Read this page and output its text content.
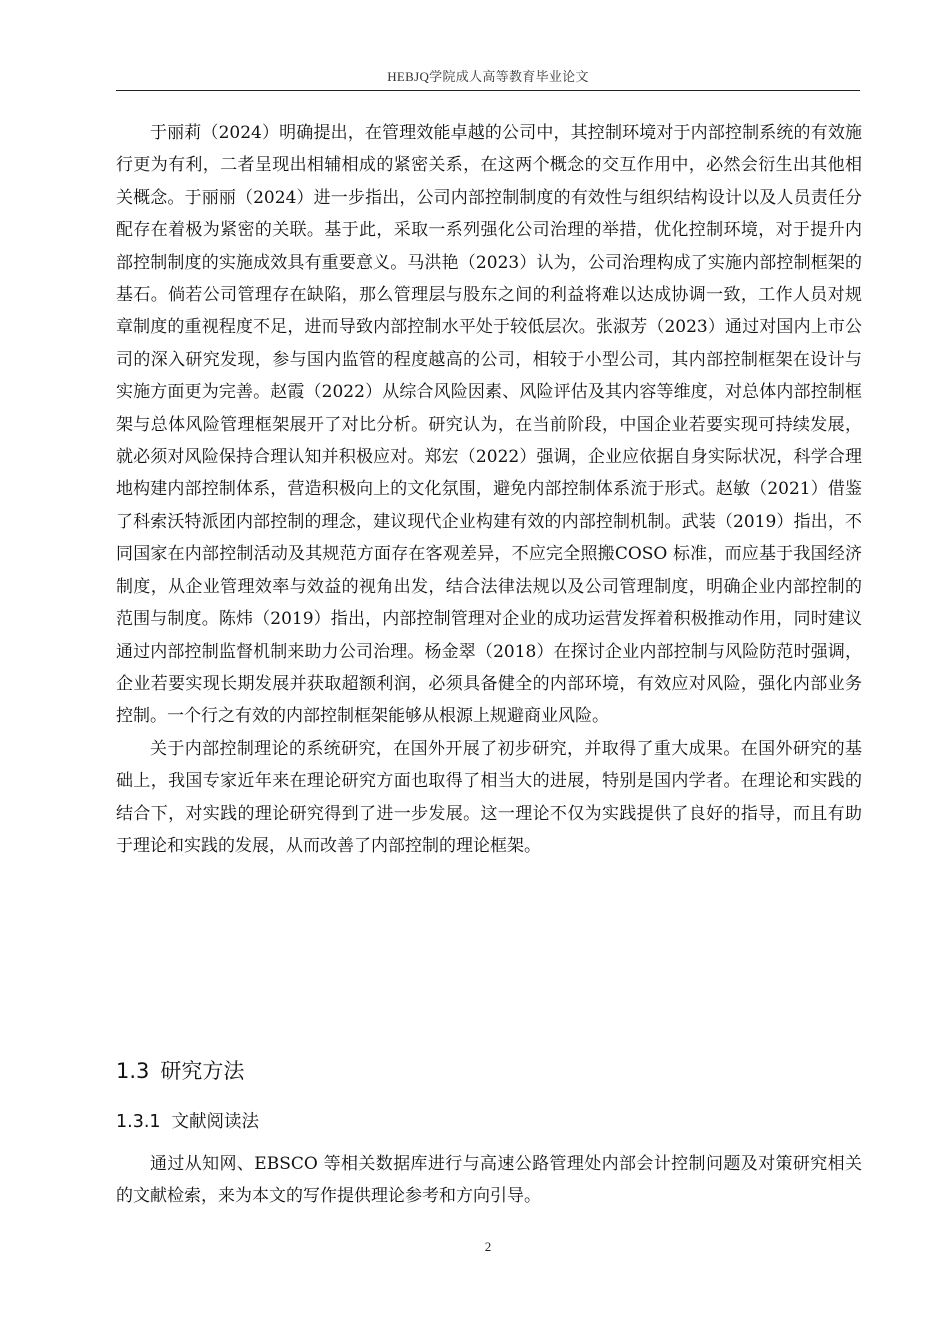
HEBJQ学院成人高等教育毕业论文

于丽莉（2024）明确提出，在管理效能卓越的公司中，其控制环境对于内部控制系统的有效施行更为有利，二者呈现出相辅相成的紧密关系，在这两个概念的交互作用中，必然会衍生出其他相关概念。于丽丽（2024）进一步指出，公司内部控制制度的有效性与组织结构设计以及人员责任分配存在着极为紧密的关联。基于此，采取一系列强化公司治理的举措，优化控制环境，对于提升内部控制制度的实施成效具有重要意义。马洪艳（2023）认为，公司治理构成了实施内部控制框架的基石。倘若公司管理存在缺陷，那么管理层与股东之间的利益将难以达成协调一致，工作人员对规章制度的重视程度不足，进而导致内部控制水平处于较低层次。张淑芳（2023）通过对国内上市公司的深入研究发现，参与国内监管的程度越高的公司，相较于小型公司，其内部控制框架在设计与实施方面更为完善。赵霞（2022）从综合风险因素、风险评估及其内容等维度，对总体内部控制框架与总体风险管理框架展开了对比分析。研究认为，在当前阶段，中国企业若要实现可持续发展，就必须对风险保持合理认知并积极应对。郑宏（2022）强调，企业应依据自身实际状况，科学合理地构建内部控制体系，营造积极向上的文化氛围，避免内部控制体系流于形式。赵敏（2021）借鉴了科索沃特派团内部控制的理念，建议现代企业构建有效的内部控制机制。武装（2019）指出，不同国家在内部控制活动及其规范方面存在客观差异，不应完全照搬COSO 标准，而应基于我国经济制度，从企业管理效率与效益的视角出发，结合法律法规以及公司管理制度，明确企业内部控制的范围与制度。陈炜（2019）指出，内部控制管理对企业的成功运营发挥着积极推动作用，同时建议通过内部控制监督机制来助力公司治理。杨金翠（2018）在探讨企业内部控制与风险防范时强调，企业若要实现长期发展并获取超额利润，必须具备健全的内部环境，有效应对风险，强化内部业务控制。一个行之有效的内部控制框架能够从根源上规避商业风险。

关于内部控制理论的系统研究，在国外开展了初步研究，并取得了重大成果。在国外研究的基础上，我国专家近年来在理论研究方面也取得了相当大的进展，特别是国内学者。在理论和实践的结合下，对实践的理论研究得到了进一步发展。这一理论不仅为实践提供了良好的指导，而且有助于理论和实践的发展，从而改善了内部控制的理论框架。

1.3 研究方法
1.3.1 文献阅读法

通过从知网、EBSCO 等相关数据库进行与高速公路管理处内部会计控制问题及对策研究相关的文献检索，来为本文的写作提供理论参考和方向引导。

2
